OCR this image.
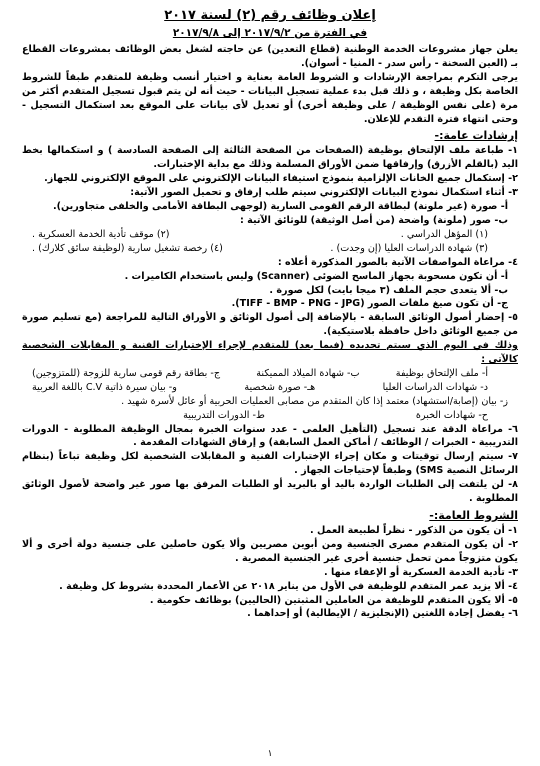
إعلان وظائف رقم (٢) لسنة ٢٠١٧
في الفترة من ٢٠١٧/٩/٢ إلى ٢٠١٧/٩/٨

يعلن جهاز مشروعات الخدمة الوطنية (قطاع التعدين) عن حاجته لشغل بعض الوظائف بمشروعات القطاع بـ (العين السخنة - رأس سدر - المنيا - أسوان).

يرجى التكرم بمراجعة الإرشادات و الشروط العامة بعناية و اختيار أنسب وظيفة للمتقدم طبقاً للشروط الخاصة بكل وظيفة ، و ذلك قبل بدء عملية تسجيل البيانات - حيث أنه لن يتم قبول تسجيل المتقدم أكثر من مرة (على نفس الوظيفة / على وظيفة أخرى) أو تعديل لأى بيانات على الموقع بعد استكمال التسجيل - وحتى انتهاء فترة التقدم للإعلان.

إرشادات عامة:-

١- طباعة ملف الإلتحاق بوظيفة (الصفحات من الصفحة الثالثة إلى الصفحة السادسة ) و استكمالها بخط اليد (بالقلم الأزرق) وإرفاقها ضمن الأوراق المسلمة وذلك مع بداية الإختبارات.

٢- إستكمال جميع الخانات الإلزامية بنموذج استيفاء البيانات الإلكتروني على الموقع الإلكتروني للجهاز.

٣- أثناء استكمال نموذج البيانات الإلكتروني سيتم طلب إرفاق و تحميل الصور الآتية:

أ- صورة (غير ملونة) لبطاقة الرقم القومى السارية (لوجهى البطاقة الأمامى والخلفى متجاورين).

ب- صور (ملونة) واضحة (من أصل الوثيقة) للوثائق الآتية :

(١) المؤهل الدراسي .
(٢) موقف تأدية الخدمة العسكرية .
(٣) شهادة الدراسات العليا (إن وجدت) .
(٤) رخصة تشغيل سارية (لوظيفة سائق كلارك) .

٤- مراعاة المواصفات الآتية بالصور المذكورة أعلاه :

أ- أن تكون مسحوبة بجهاز الماسح الضوئى (Scanner) وليس باستخدام الكاميرات .

ب- ألا يتعدى حجم الملف (٣ ميجا بايت) لكل صورة .

ج- أن تكون صيغ ملفات الصور (TIFF - BMP - PNG - JPG).

٥- إحضار أصول الوثائق السابقة - بالإضافة إلى أصول الوثائق و الأوراق التالية للمراجعة (مع تسليم صورة من جميع الوثائق داخل حافظة بلاستيكية).

وذلك في اليوم الذي سيتم تحديده (فيما بعد) للمتقدم لإجراء الإختبارات الفنية و المقابلات الشخصية كالآتى :

أ- ملف الإلتحاق بوظيفة
ب- شهادة الميلاد المميكنة
ج- بطاقة رقم قومى سارية للزوجة (للمتزوجين)
د- شهادات الدراسات العليا
هـ- صورة شخصية
و- بيان سيرة ذاتية C.V باللغة العربية

ز- بيان (إصابة/استشهاد) معتمد إذا كان المتقدم من مصابى العمليات الحربية أو عائل لأسرة شهيد .

ح- شهادات الخبرة
ط- الدورات التدريبية

٦- مراعاة الدقة عند تسجيل (التأهيل العلمى - عدد سنوات الخبرة بمجال الوظيفة المطلوبة - الدورات التدريبية - الخبرات / الوظائف / أماكن العمل السابقة) و إرفاق الشهادات المقدمة .

٧- سيتم إرسال توقيتات و مكان إجراء الإختبارات الفنية و المقابلات الشخصية لكل وظيفة تباعاً (بنظام الرسائل النصية SMS) وطبقاً لإحتياجات الجهاز .

٨- لن يلتفت إلى الطلبات الواردة باليد أو بالبريد أو الطلبات المرفق بها صور غير واضحة لأصول الوثائق المطلوبة .

الشروط العامة:-

١- أن يكون من الذكور - نظراً لطبيعة العمل .

٢- أن يكون المتقدم مصرى الجنسية ومن أبوين مصريين وألا يكون حاصلين على جنسية دولة أخرى و ألا يكون متزوجاً ممن تحمل جنسية أخرى غير الجنسية المصرية .

٣- تأدية الخدمة العسكرية أو الإعفاء منها .

٤- ألا يزيد عمر المتقدم للوظيفة في الأول من يناير ٢٠١٨ عن الأعمار المحددة بشروط كل وظيفة .

٥- ألا يكون المتقدم للوظيفة من العاملين المثبتين (الحاليين) بوظائف حكومية .

٦- يفضل إجادة اللغتين (الإنجليزية / الإيطالية) أو إحداهما .

١
